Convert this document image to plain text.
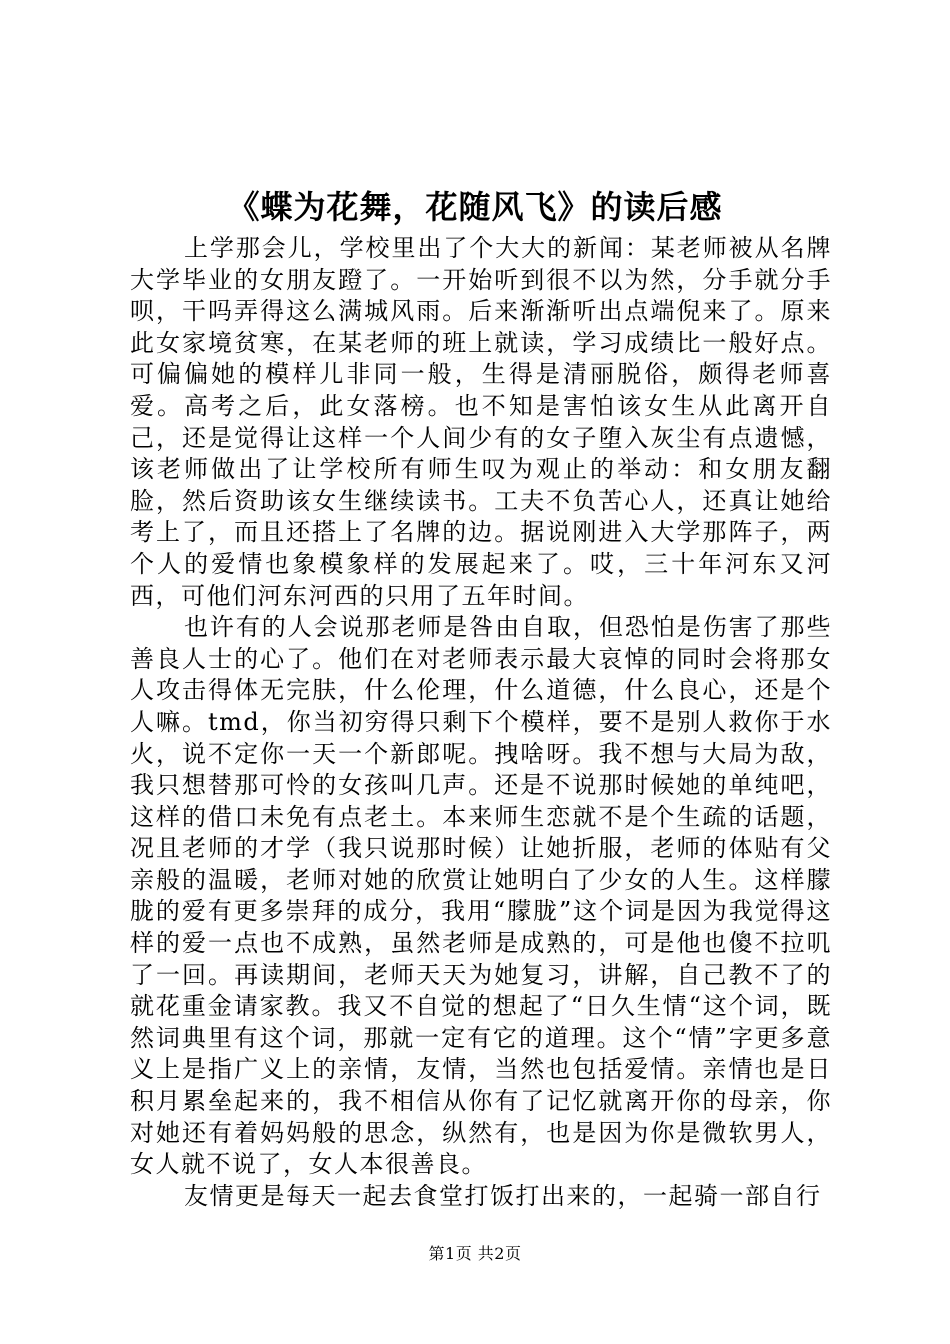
《蝶为花舞，花随风飞》的读后感

上学那会儿，学校里出了个大大的新闻：某老师被从名牌大学毕业的女朋友蹬了。一开始听到很不以为然，分手就分手呗，干吗弄得这么满城风雨。后来渐渐听出点端倪来了。原来此女家境贫寒，在某老师的班上就读，学习成绩比一般好点。可偏偏她的模样儿非同一般，生得是清丽脱俗，颇得老师喜爱。高考之后，此女落榜。也不知是害怕该女生从此离开自己，还是觉得让这样一个人间少有的女子堕入灰尘有点遗憾，该老师做出了让学校所有师生叹为观止的举动：和女朋友翻脸，然后资助该女生继续读书。工夫不负苦心人，还真让她给考上了，而且还搭上了名牌的边。据说刚进入大学那阵子，两个人的爱情也象模象样的发展起来了。哎，三十年河东又河西，可他们河东河西的只用了五年时间。

也许有的人会说那老师是咎由自取，但恐怕是伤害了那些善良人士的心了。他们在对老师表示最大哀悼的同时会将那女人攻击得体无完肤，什么伦理，什么道德，什么良心，还是个人嘛。tmd，你当初穷得只剩下个模样，要不是别人救你于水火，说不定你一天一个新郎呢。拽啥呀。我不想与大局为敌，我只想替那可怜的女孩叫几声。还是不说那时候她的单纯吧，这样的借口未免有点老土。本来师生恋就不是个生疏的话题，况且老师的才学（我只说那时候）让她折服，老师的体贴有父亲般的温暖，老师对她的欣赏让她明白了少女的人生。这样朦胧的爱有更多崇拜的成分，我用“朦胧”这个词是因为我觉得这样的爱一点也不成熟，虽然老师是成熟的，可是他也傻不拉叽了一回。再读期间，老师天天为她复习，讲解，自己教不了的就花重金请家教。我又不自觉的想起了“日久生情“这个词，既然词典里有这个词，那就一定有它的道理。这个“情”字更多意义上是指广义上的亲情，友情，当然也包括爱情。亲情也是日积月累垒起来的，我不相信从你有了记忆就离开你的母亲，你对她还有着妈妈般的思念，纵然有，也是因为你是微软男人，女人就不说了，女人本很善良。

友情更是每天一起去食堂打饭打出来的，一起骑一部自行

第1页 共2页
